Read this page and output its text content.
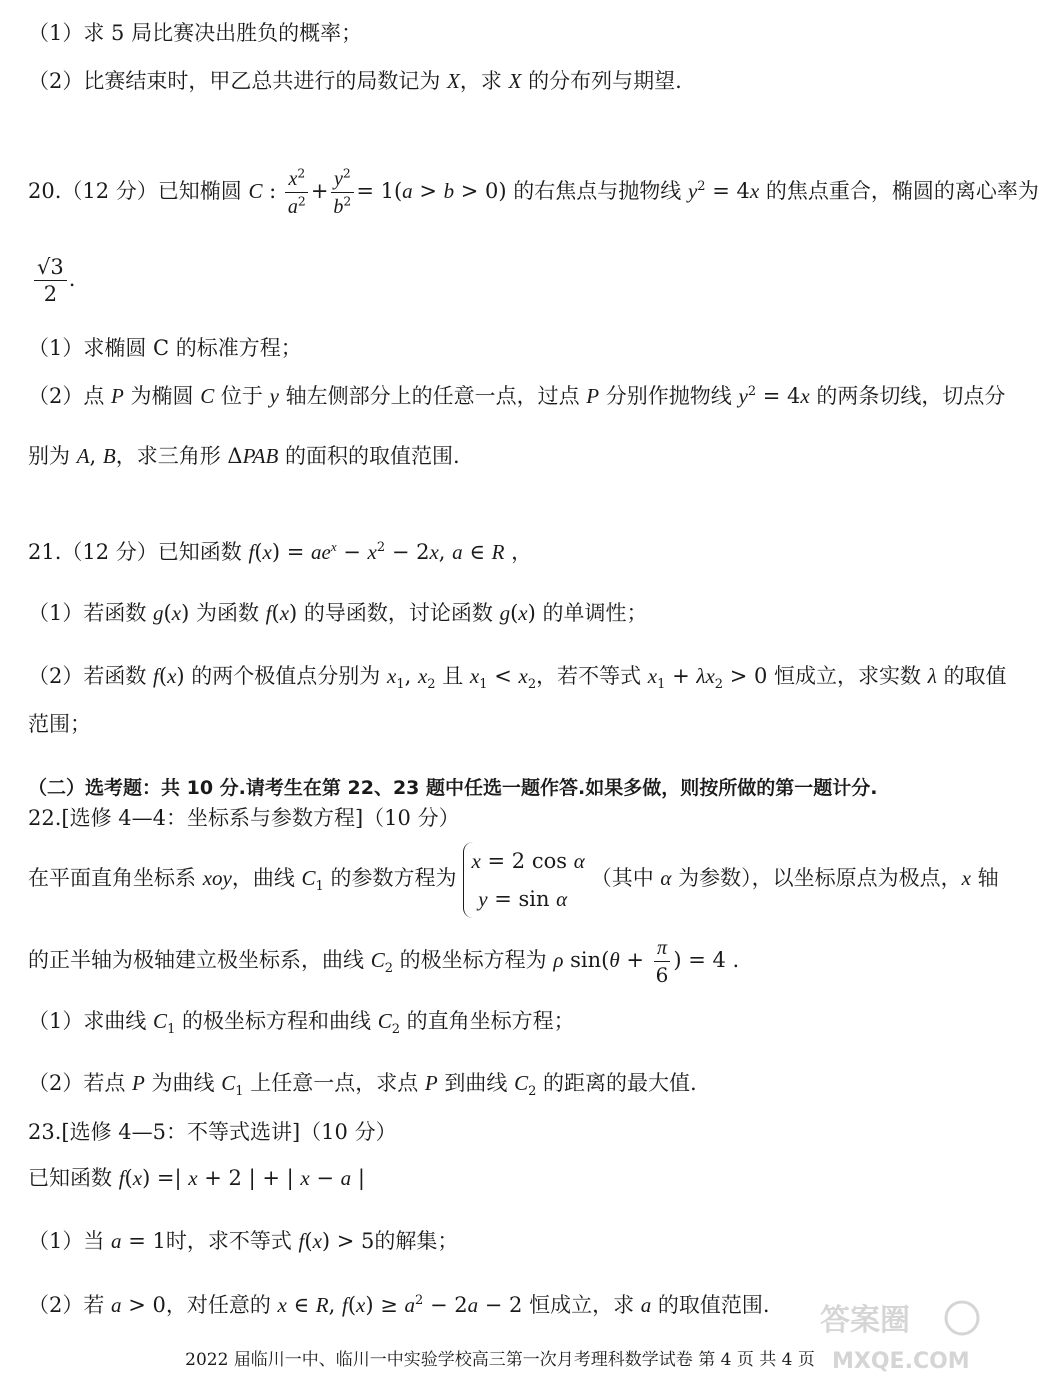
（1）求 5 局比赛决出胜负的概率；
（2）比赛结束时，甲乙总共进行的局数记为 X，求 X 的分布列与期望.
20.（12 分）已知椭圆 C : $\frac{x^2}{a^2} + \frac{y^2}{b^2} = 1(a > b > 0)$ 的右焦点与抛物线 $y^2 = 4x$ 的焦点重合，椭圆的离心率为
$\frac{√3}{2}$ .
（1）求椭圆 C 的标准方程；
（2）点 P 为椭圆 C 位于 y 轴左侧部分上的任意一点，过点 P 分别作抛物线 $y^2 = 4x$ 的两条切线，切点分
别为 A, B，求三角形 ΔPAB 的面积的取值范围.
21.（12 分）已知函数 $f(x) = ae^x - x^2 - 2x$, a ∈ R ，
（1）若函数 g(x) 为函数 f(x) 的导函数，讨论函数 g(x) 的单调性；
（2）若函数 f(x) 的两个极值点分别为 $x_1$, $x_2$ 且 $x_1 < x_2$，若不等式 $x_1 + \lambda x_2 > 0$ 恒成立，求实数 λ 的取值
范围；
（二）选考题：共 10 分.请考生在第 22、23 题中任选一题作答.如果多做，则按所做的第一题计分.
22.[选修 4—4：坐标系与参数方程]（10 分）
在平面直角坐标系 xoy，曲线 $C_1$ 的参数方程为
x = 2 cos α
y = sin α
（其中 α 为参数），以坐标原点为极点，x 轴
的正半轴为极轴建立极坐标系，曲线 $C_2$ 的极坐标方程为 ρ $\sin(\theta + \frac{\pi}{6}$ ) = 4 .
（1）求曲线 $C_1$ 的极坐标方程和曲线 $C_2$ 的直角坐标方程；
（2）若点 P 为曲线 $C_1$ 上任意一点，求点 P 到曲线 $C_2$ 的距离的最大值.
23.[选修 4—5：不等式选讲]（10 分）
已知函数 f(x) =| x + 2 | + | x − a |
（1）当 a = 1时，求不等式 f(x) > 5的解集；
（2）若 a > 0，对任意的 x ∈ R, $f(x) \ge a^2 - 2a - 2$ 恒成立，求 a 的取值范围.
2022 届临川一中、临川一中实验学校高三第一次月考理科数学试卷 第 4 页 共 4 页
答案圈
MXQE.COM
